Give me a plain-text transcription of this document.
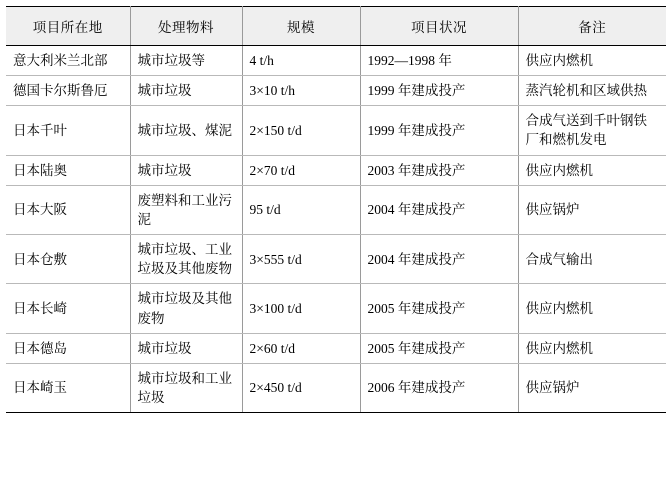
项目所在地	处理物料	规模	项目状况	备注
意大利米兰北部	城市垃圾等	4 t/h	1992—1998 年	供应内燃机
德国卡尔斯鲁厄	城市垃圾	3×10 t/h	1999 年建成投产	蒸汽轮机和区域供热
日本千叶	城市垃圾、煤泥	2×150 t/d	1999 年建成投产	合成气送到千叶钢铁厂和燃机发电
日本陆奥	城市垃圾	2×70 t/d	2003 年建成投产	供应内燃机
日本大阪	废塑料和工业污泥	95 t/d	2004 年建成投产	供应锅炉
日本仓敷	城市垃圾、工业垃圾及其他废物	3×555 t/d	2004 年建成投产	合成气输出
日本长崎	城市垃圾及其他废物	3×100 t/d	2005 年建成投产	供应内燃机
日本德岛	城市垃圾	2×60 t/d	2005 年建成投产	供应内燃机
日本崎玉	城市垃圾和工业垃圾	2×450 t/d	2006 年建成投产	供应锅炉
